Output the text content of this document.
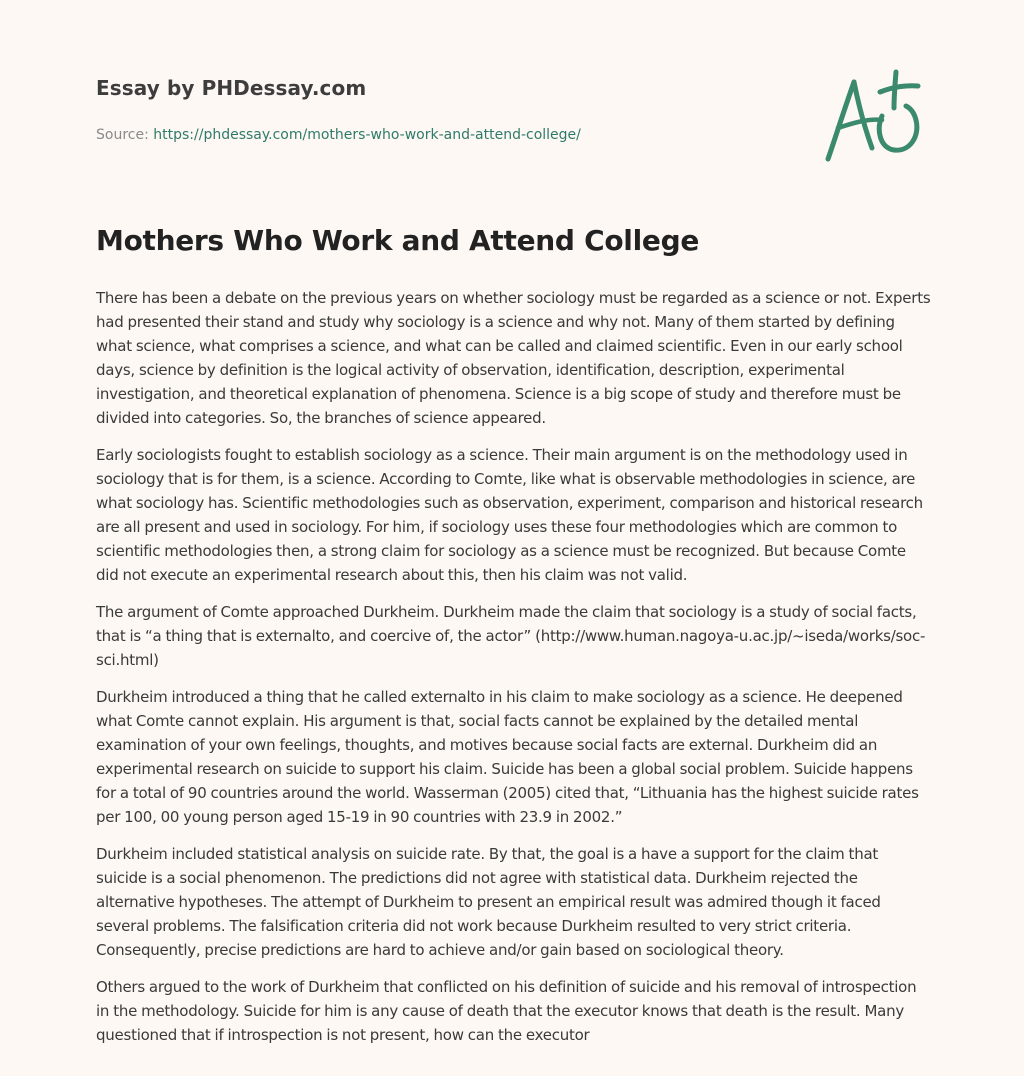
Essay by PHDessay.com
Source: https://phdessay.com/mothers-who-work-and-attend-college/
Mothers Who Work and Attend College

There has been a debate on the previous years on whether sociology must be regarded as a science or not. Experts had presented their stand and study why sociology is a science and why not. Many of them started by defining what science, what comprises a science, and what can be called and claimed scientific. Even in our early school days, science by definition is the logical activity of observation, identification, description, experimental investigation, and theoretical explanation of phenomena. Science is a big scope of study and therefore must be divided into categories. So, the branches of science appeared.

Early sociologists fought to establish sociology as a science. Their main argument is on the methodology used in sociology that is for them, is a science. According to Comte, like what is observable methodologies in science, are what sociology has. Scientific methodologies such as observation, experiment, comparison and historical research are all present and used in sociology. For him, if sociology uses these four methodologies which are common to scientific methodologies then, a strong claim for sociology as a science must be recognized. But because Comte did not execute an experimental research about this, then his claim was not valid.

The argument of Comte approached Durkheim. Durkheim made the claim that sociology is a study of social facts, that is “a thing that is externalto, and coercive of, the actor” (http://www.human.nagoya-u.ac.jp/~iseda/works/soc-sci.html)

Durkheim introduced a thing that he called externalto in his claim to make sociology as a science. He deepened what Comte cannot explain. His argument is that, social facts cannot be explained by the detailed mental examination of your own feelings, thoughts, and motives because social facts are external. Durkheim did an experimental research on suicide to support his claim. Suicide has been a global social problem. Suicide happens for a total of 90 countries around the world. Wasserman (2005) cited that, “Lithuania has the highest suicide rates per 100, 00 young person aged 15-19 in 90 countries with 23.9 in 2002.”

Durkheim included statistical analysis on suicide rate. By that, the goal is a have a support for the claim that suicide is a social phenomenon. The predictions did not agree with statistical data. Durkheim rejected the alternative hypotheses. The attempt of Durkheim to present an empirical result was admired though it faced several problems. The falsification criteria did not work because Durkheim resulted to very strict criteria. Consequently, precise predictions are hard to achieve and/or gain based on sociological theory.

Others argued to the work of Durkheim that conflicted on his definition of suicide and his removal of introspection in the methodology. Suicide for him is any cause of death that the executor knows that death is the result. Many questioned that if introspection is not present, how can the executor
